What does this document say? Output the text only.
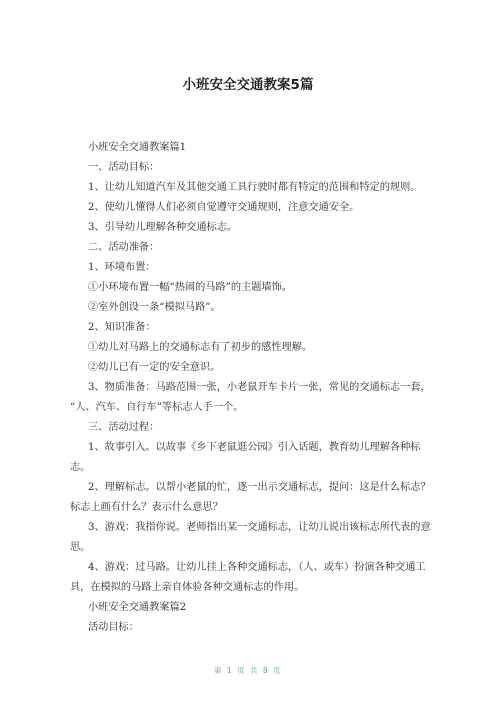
小班安全交通教案5篇
小班安全交通教案篇1
一、活动目标：
1、让幼儿知道汽车及其他交通工具行驶时都有特定的范围和特定的规则。
2、使幼儿懂得人们必须自觉遵守交通规则，注意交通安全。
3、引导幼儿理解各种交通标志。
二、活动准备：
1、环境布置：
①小环境布置一幅“热闹的马路”的主题墙饰。
②室外创设一条“模拟马路”。
2、知识准备：
①幼儿对马路上的交通标志有了初步的感性理解。
②幼儿已有一定的安全意识。
3、物质准备：马路范围一张，小老鼠开车卡片一张，常见的交通标志一套，
“人、汽车、自行车”等标志人手一个。
三、活动过程：
1、故事引入。以故事《乡下老鼠逛公园》引入话题，教育幼儿理解各种标
志。
2、理解标志。以帮小老鼠的忙，逐一出示交通标志，提问：这是什么标志？
标志上画有什么？表示什么意思？
3、游戏：我指你说。老师指出某一交通标志，让幼儿说出该标志所代表的意
思。
4、游戏：过马路。让幼儿挂上各种交通标志，（人、或车）扮演各种交通工
具，在模拟的马路上亲自体验各种交通标志的作用。
小班安全交通教案篇2
活动目标：
第 1 页 共 8 页
